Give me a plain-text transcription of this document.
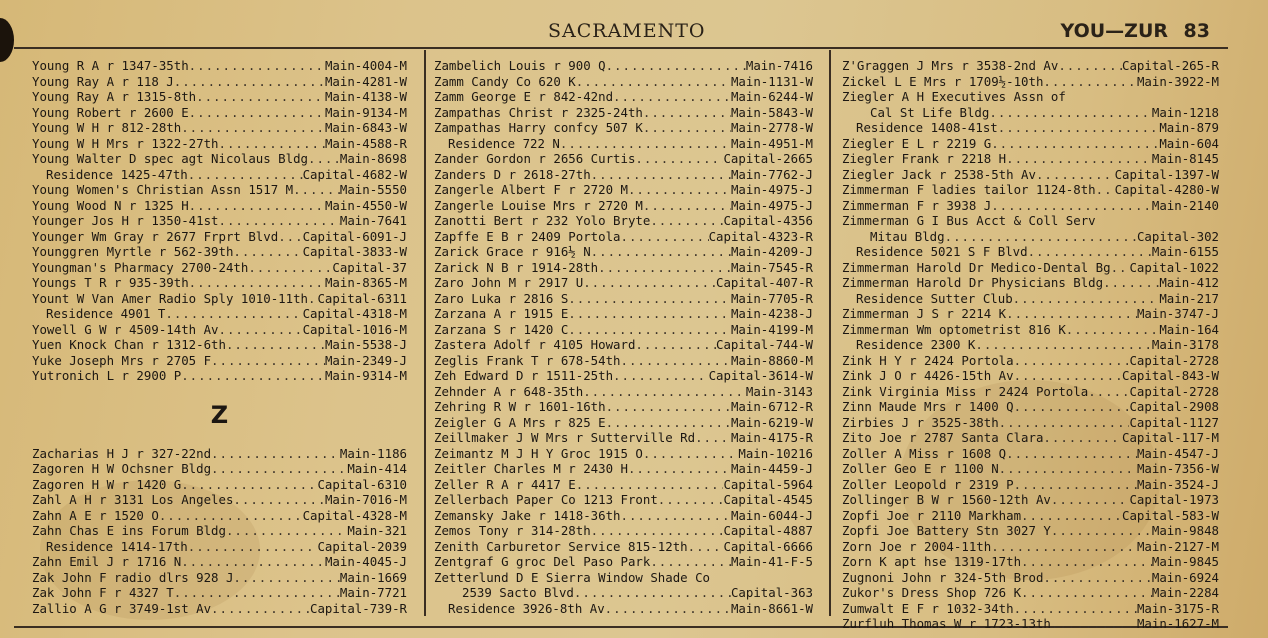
SACRAMENTO	YOU—ZUR 83
Young R A r 1347-35th .....	Main-4004-M
Young Ray A r 118 J .....	Main-4281-W
Young Ray A r 1315-8th .....	Main-4138-W
Young Robert r 2600 E .....	Main-9134-M
Young W H r 812-28th .....	Main-6843-W
Young W H Mrs r 1322-27th .....	Main-4588-R
Young Walter D spec agt Nicolaus Bldg .....	Main-8698
Residence 1425-47th .....	Capital-4682-W
Young Women's Christian Assn 1517 M .....	Main-5550
Young Wood N r 1325 H .....	Main-4550-W
Younger Jos H r 1350-41st .....	Main-7641
Younger Wm Gray r 2677 Frprt Blvd ..... Capital-6091-J
Younggren Myrtle r 562-39th .....	Capital-3833-W
Youngman's Pharmacy 2700-24th .....	Capital-37
Youngs T R r 935-39th .....	Main-8365-M
Yount W Van Amer Radio Sply 1010-11th ..... Capital-6311
Residence 4901 T .....	Capital-4318-M
Yowell G W r 4509-14th Av .....	Capital-1016-M
Yuen Knock Chan r 1312-6th .....	Main-5538-J
Yuke Joseph Mrs r 2705 F .....	Main-2349-J
Yutronich L r 2900 P .....	Main-9314-M
Z
Zacharias H J r 327-22nd .....	Main-1186
Zagoren H W Ochsner Bldg .....	Main-414
Zagoren H W r 1420 G .....	Capital-6310
Zahl A H r 3131 Los Angeles .....	Main-7016-M
Zahn A E r 1520 O .....	Capital-4328-M
Zahn Chas E ins Forum Bldg .....	Main-321
Residence 1414-17th .....	Capital-2039
Zahn Emil J r 1716 N .....	Main-4045-J
Zak John F radio dlrs 928 J .....	Main-1669
Zak John F r 4327 T .....	Main-7721
Zallio A G r 3749-1st Av .....	Capital-739-R
Zambelich Louis r 900 Q .....	Main-7416
Zamm Candy Co 620 K .....	Main-1131-W
Zamm George E r 842-42nd .....	Main-6244-W
Zampathas Christ r 2325-24th .....	Main-5843-W
Zampathas Harry confcy 507 K .....	Main-2778-W
Residence 722 N .....	Main-4951-M
Zander Gordon r 2656 Curtis .....	Capital-2665
Zanders D r 2618-27th .....	Main-7762-J
Zangerle Albert F r 2720 M .....	Main-4975-J
Zangerle Louise Mrs r 2720 M .....	Main-4975-J
Zanotti Bert r 232 Yolo Bryte .....	Capital-4356
Zapffe E B r 2409 Portola .....	Capital-4323-R
Zarick Grace r 916½ N .....	Main-4209-J
Zarick N B r 1914-28th .....	Main-7545-R
Zaro John M r 2917 U .....	Capital-407-R
Zaro Luka r 2816 S .....	Main-7705-R
Zarzana A r 1915 E .....	Main-4238-J
Zarzana S r 1420 C .....	Main-4199-M
Zastera Adolf r 4105 Howard .....	Capital-744-W
Zeglis Frank T r 678-54th .....	Main-8860-M
Zeh Edward D r 1511-25th .....	Capital-3614-W
Zehnder A r 648-35th .....	Main-3143
Zehring R W r 1601-16th .....	Main-6712-R
Zeigler G A Mrs r 825 E .....	Main-6219-W
Zeillmaker J W Mrs r Sutterville Rd .....	Main-4175-R
Zeimantz M J H Y Groc 1915 O .....	Main-10216
Zeitler Charles M r 2430 H .....	Main-4459-J
Zeller R A r 4417 E .....	Capital-5964
Zellerbach Paper Co 1213 Front .....	Capital-4545
Zemansky Jake r 1418-36th .....	Main-6044-J
Zemos Tony r 314-28th .....	Capital-4887
Zenith Carburetor Service 815-12th .....	Capital-6666
Zentgraf G groc Del Paso Park .....	Main-41-F-5
Zetterlund D E Sierra Window Shade Co
2539 Sacto Blvd .....	Capital-363
Residence 3926-8th Av .....	Main-8661-W
Z'Graggen J Mrs r 3538-2nd Av .....	Capital-265-R
Zickel L E Mrs r 1709½-10th .....	Main-3922-M
Ziegler A H Executives Assn of
Cal St Life Bldg .....	Main-1218
Residence 1408-41st .....	Main-879
Ziegler E L r 2219 G .....	Main-604
Ziegler Frank r 2218 H .....	Main-8145
Ziegler Jack r 2538-5th Av .....	Capital-1397-W
Zimmerman F ladies tailor 1124-8th ..... Capital-4280-W
Zimmerman F r 3938 J .....	Main-2140
Zimmerman G I Bus Acct & Coll Serv
Mitau Bldg .....	Capital-302
Residence 5021 S F Blvd .....	Main-6155
Zimmerman Harold Dr Medico-Dental Bg ..... Capital-1022
Zimmerman Harold Dr Physicians Bldg .....	Main-412
Residence Sutter Club .....	Main-217
Zimmerman J S r 2214 K .....	Main-3747-J
Zimmerman Wm optometrist 816 K .....	Main-164
Residence 2300 K .....	Main-3178
Zink H Y r 2424 Portola .....	Capital-2728
Zink J O r 4426-15th Av .....	Capital-843-W
Zink Virginia Miss r 2424 Portola .....	Capital-2728
Zinn Maude Mrs r 1400 Q .....	Capital-2908
Zirbies J r 3525-38th .....	Capital-1127
Zito Joe r 2787 Santa Clara .....	Capital-117-M
Zoller A Miss r 1608 Q .....	Main-4547-J
Zoller Geo E r 1100 N .....	Main-7356-W
Zoller Leopold r 2319 P .....	Main-3524-J
Zollinger B W r 1560-12th Av .....	Capital-1973
Zopfi Joe r 2110 Markham .....	Capital-583-W
Zopfi Joe Battery Stn 3027 Y .....	Main-9848
Zorn Joe r 2004-11th .....	Main-2127-M
Zorn K apt hse 1319-17th .....	Main-9845
Zugnoni John r 324-5th Brod .....	Main-6924
Zukor's Dress Shop 726 K .....	Main-2284
Zumwalt E F r 1032-34th .....	Main-3175-R
Zurfluh Thomas W r 1723-13th .....	Main-1627-M
